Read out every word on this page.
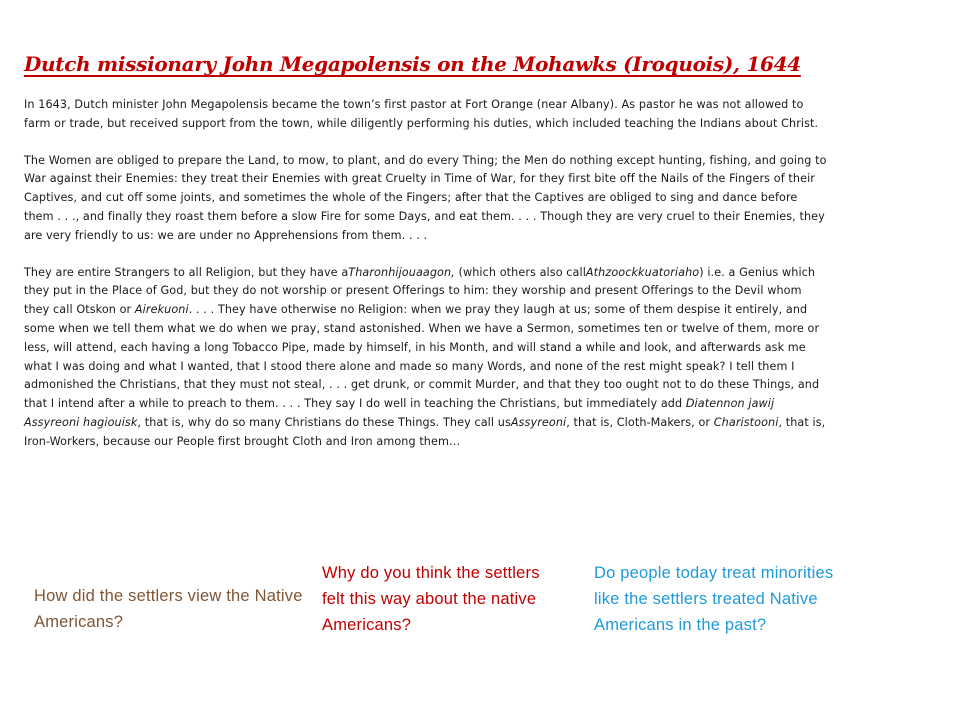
Dutch missionary John Megapolensis on the Mohawks (Iroquois), 1644

In 1643, Dutch minister John Megapolensis became the town’s first pastor at Fort Orange (near Albany). As pastor he was not allowed to farm or trade, but received support from the town, while diligently performing his duties, which included teaching the Indians about Christ.

The Women are obliged to prepare the Land, to mow, to plant, and do every Thing; the Men do nothing except hunting, fishing, and going to War against their Enemies: they treat their Enemies with great Cruelty in Time of War, for they first bite off the Nails of the Fingers of their Captives, and cut off some joints, and sometimes the whole of the Fingers; after that the Captives are obliged to sing and dance before them . . ., and finally they roast them before a slow Fire for some Days, and eat them. . . . Though they are very cruel to their Enemies, they are very friendly to us: we are under no Apprehensions from them. . . .

They are entire Strangers to all Religion, but they have aTharonhijouaagon, (which others also callAthzoockkuatoriaho) i.e. a Genius which they put in the Place of God, but they do not worship or present Offerings to him: they worship and present Offerings to the Devil whom they call Otskon or Airekuoni. . . . They have otherwise no Religion: when we pray they laugh at us; some of them despise it entirely, and some when we tell them what we do when we pray, stand astonished. When we have a Sermon, sometimes ten or twelve of them, more or less, will attend, each having a long Tobacco Pipe, made by himself, in his Month, and will stand a while and look, and afterwards ask me what I was doing and what I wanted, that I stood there alone and made so many Words, and none of the rest might speak? I tell them I admonished the Christians, that they must not steal, . . . get drunk, or commit Murder, and that they too ought not to do these Things, and that I intend after a while to preach to them. . . . They say I do well in teaching the Christians, but immediately add Diatennon jawij Assyreoni hagiouisk, that is, why do so many Christians do these Things. They call usAssyreoni, that is, Cloth-Makers, or Charistooni, that is, Iron-Workers, because our People first brought Cloth and Iron among them…

How did the settlers view the Native Americans?

Why do you think the settlers felt this way about the native Americans?

Do people today treat minorities like the settlers treated Native Americans in the past?
